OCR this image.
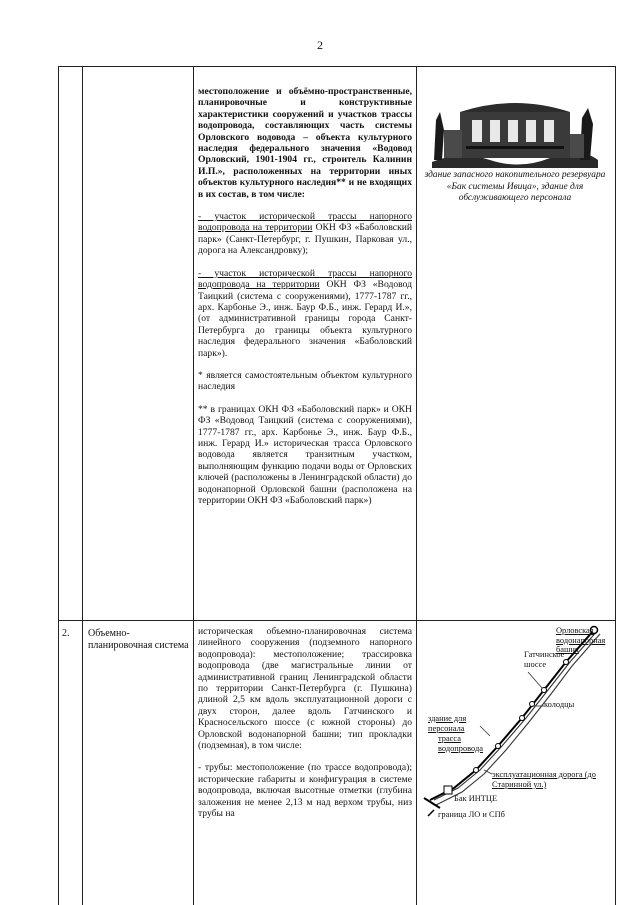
2

местоположение и объёмно-пространственные, планировочные и конструктивные характеристики сооружений и участков трассы водопровода, составляющих часть системы Орловского водовода – объекта культурного наследия федерального значения «Водовод Орловский, 1901-1904 гг., строитель Калинин И.П.», расположенных на территории иных объектов культурного наследия** и не входящих в их состав, в том числе:

- участок исторической трассы напорного водопровода на территории ОКН ФЗ «Баболовский парк» (Санкт-Петербург, г. Пушкин, Парковая ул., дорога на Александровку);

- участок исторической трассы напорного водопровода на территории ОКН ФЗ «Водовод Таицкий (система с сооружениями), 1777-1787 гг., арх. Карбонье Э., инж. Баур Ф.Б., инж. Герард И.», (от административной границы города Санкт-Петербурга до границы объекта культурного наследия федерального значения «Баболовский парк»).

* является самостоятельным объектом культурного наследия

** в границах ОКН ФЗ «Баболовский парк» и ОКН ФЗ «Водовод Таицкий (система с сооружениями), 1777-1787 гг., арх. Карбонье Э., инж. Баур Ф.Б., инж. Герард И.» историческая трасса Орловского водовода является транзитным участком, выполняющим функцию подачи воды от Орловских ключей (расположены в Ленинградской области) до водонапорной Орловской башни (расположена на территории ОКН ФЗ «Баболовский парк»)

здание запасного накопительного резервуара «Бак системы Ивица», здание для обслуживающего персонала
2. Объемно-планировочная система

историческая объемно-планировочная система линейного сооружения (подземного напорного водопровода): местоположение; трассировка водопровода (две магистральные линии от административной границ Ленинградской области по территории Санкт-Петербурга (г. Пушкина) длиной 2,5 км вдоль эксплуатационной дороги с двух сторон, далее вдоль Гатчинского и Красносельского шоссе (с южной стороны) до Орловской водонапорной башни; тип прокладки (подземная), в том числе:

- трубы: местоположение (по трассе водопровода); исторические габариты и конфигурация в системе водопровода, включая высотные отметки (глубина заложения не менее 2,13 м над верхом трубы, низ трубы на

Орловская водонапорная башня
Гатчинское шоссе
колодцы
здание для персонала
трасса водопровода
эксплуатационная дорога (до Старинной ул.)
Бак ИНТЦЕ
граница ЛО и СПб
